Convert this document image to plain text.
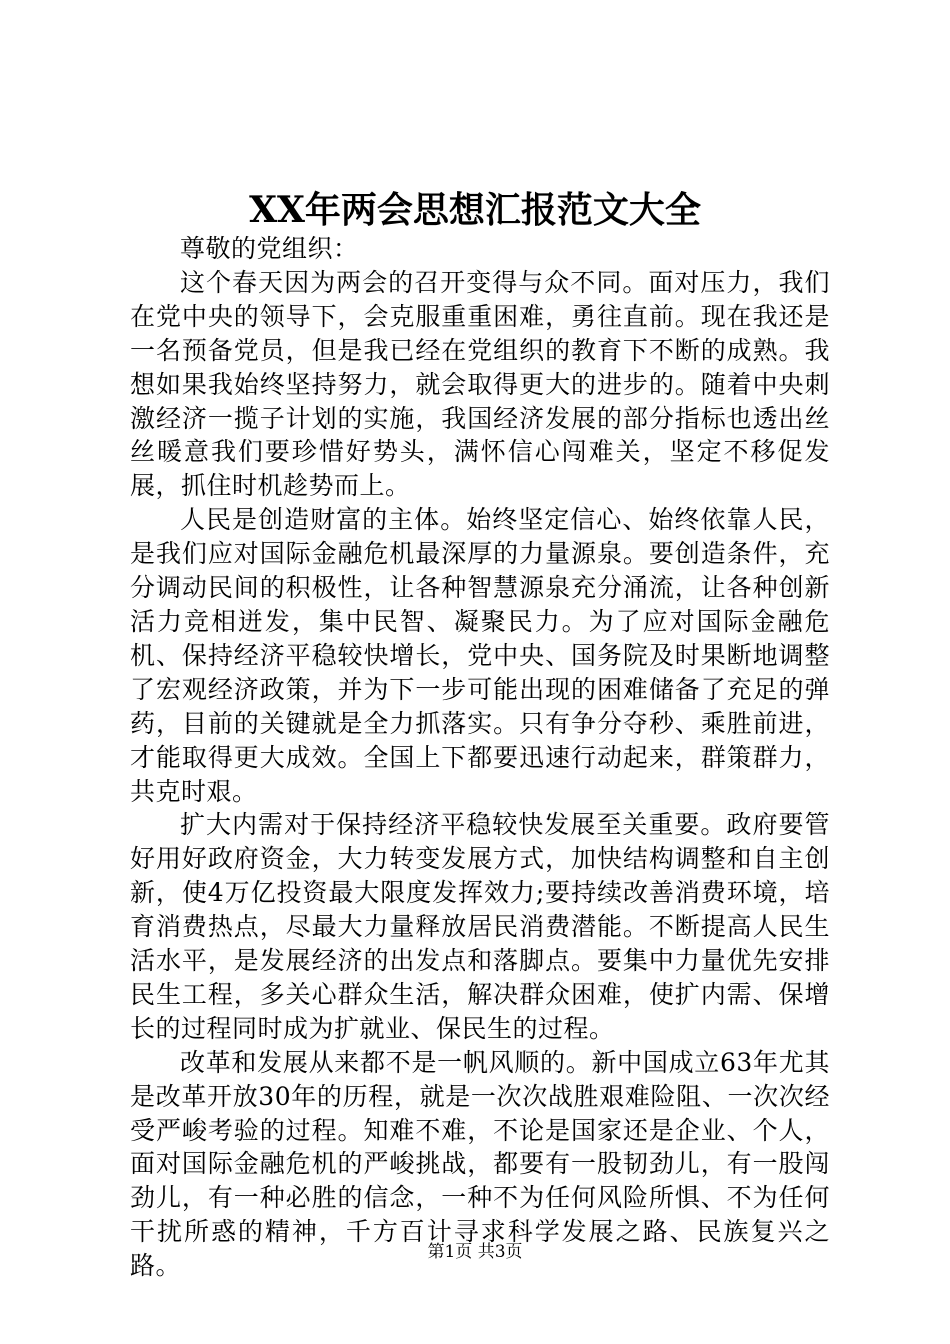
XX年两会思想汇报范文大全

尊敬的党组织：

这个春天因为两会的召开变得与众不同。面对压力，我们在党中央的领导下，会克服重重困难，勇往直前。现在我还是一名预备党员，但是我已经在党组织的教育下不断的成熟。我想如果我始终坚持努力，就会取得更大的进步的。随着中央刺激经济一揽子计划的实施，我国经济发展的部分指标也透出丝丝暖意我们要珍惜好势头，满怀信心闯难关，坚定不移促发展，抓住时机趁势而上。

人民是创造财富的主体。始终坚定信心、始终依靠人民，是我们应对国际金融危机最深厚的力量源泉。要创造条件，充分调动民间的积极性，让各种智慧源泉充分涌流，让各种创新活力竞相迸发，集中民智、凝聚民力。为了应对国际金融危机、保持经济平稳较快增长，党中央、国务院及时果断地调整了宏观经济政策，并为下一步可能出现的困难储备了充足的弹药，目前的关键就是全力抓落实。只有争分夺秒、乘胜前进，才能取得更大成效。全国上下都要迅速行动起来，群策群力，共克时艰。

扩大内需对于保持经济平稳较快发展至关重要。政府要管好用好政府资金，大力转变发展方式，加快结构调整和自主创新，使4万亿投资最大限度发挥效力;要持续改善消费环境，培育消费热点，尽最大力量释放居民消费潜能。不断提高人民生活水平，是发展经济的出发点和落脚点。要集中力量优先安排民生工程，多关心群众生活，解决群众困难，使扩内需、保增长的过程同时成为扩就业、保民生的过程。

改革和发展从来都不是一帆风顺的。新中国成立63年尤其是改革开放30年的历程，就是一次次战胜艰难险阻、一次次经受严峻考验的过程。知难不难，不论是国家还是企业、个人，面对国际金融危机的严峻挑战，都要有一股韧劲儿，有一股闯劲儿，有一种必胜的信念，一种不为任何风险所惧、不为任何干扰所惑的精神，千方百计寻求科学发展之路、民族复兴之路。	第1页 共3页
